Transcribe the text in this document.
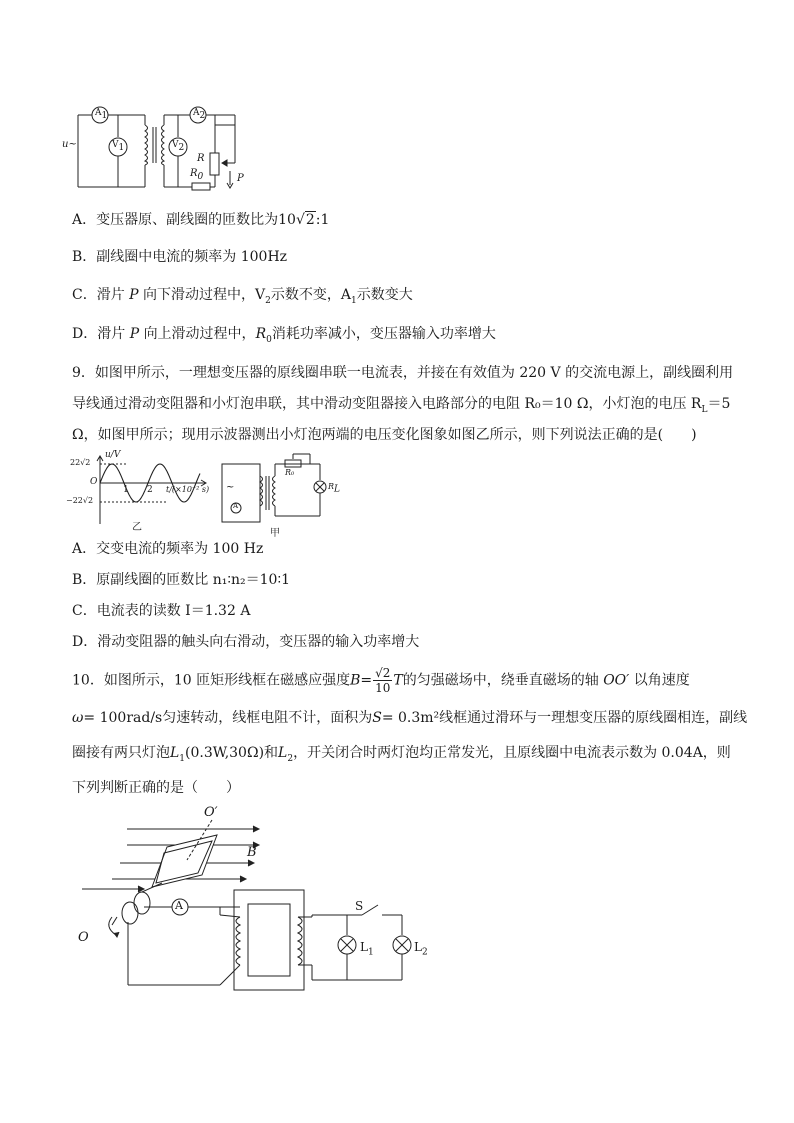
$A_1$	$A_2$
$V_1$	$V_2$
u~
R
$R_0$	P
A．变压器原、副线圈的匝数比为10√2:1
B．副线圈中电流的频率为 100Hz
C．滑片 P 向下滑动过程中，$V_2$示数不变，$A_1$示数变大
D．滑片 P 向上滑动过程中，$R_0$消耗功率减小，变压器输入功率增大
9．如图甲所示，一理想变压器的原线圈串联一电流表，并接在有效值为 220 V 的交流电源上，副线圈利用
导线通过滑动变阻器和小灯泡串联，其中滑动变阻器接入电路部分的电阻 R₀＝10 Ω，小灯泡的电压 $R_L=5$
Ω，如图甲所示；现用示波器测出小灯泡两端的电压变化图象如图乙所示，则下列说法正确的是(　　)
u/V
22√2
O
−22√2
1 2 t/(×10⁻² s)
乙
甲
R₀
$R_L$
A
~
A．交变电流的频率为 100 Hz
B．原副线圈的匝数比 n₁∶n₂＝10∶1
C．电流表的读数 I＝1.32 A
D．滑动变阻器的触头向右滑动，变压器的输入功率增大
10．如图所示，10 匝矩形线框在磁感应强度$B= \frac{√2}{10}$ T的匀强磁场中，绕垂直磁场的轴 OO′ 以角速度
ω= 100rad/s匀速转动，线框电阻不计，面积为S= 0.3m²线框通过滑环与一理想变压器的原线圈相连，副线
圈接有两只灯泡$L_1(0.3W,30\Omega)$和$L_2$，开关闭合时两灯泡均正常发光，且原线圈中电流表示数为 0.04A，则
下列判断正确的是（　　）
O′
O
B
A	S
$L_1$	$L_2$
